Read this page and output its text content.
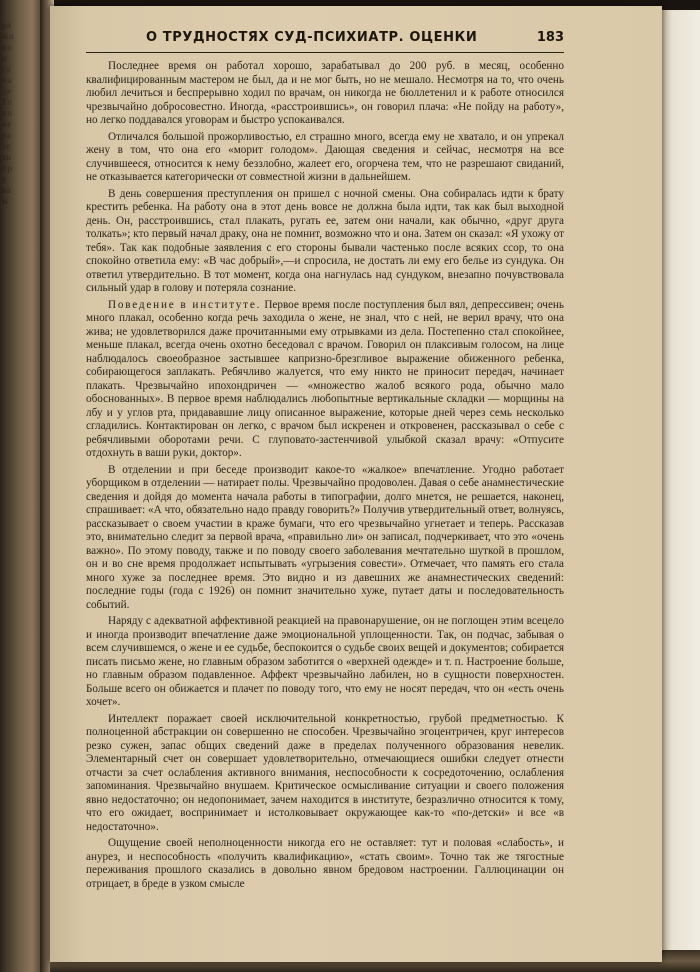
ра
жи
по
и
го
на
де
То
но
не
ра
те
зн
пр
у
ва
м
О ТРУДНОСТЯХ СУД-ПСИХИАТР. ОЦЕНКИ	183

Последнее время он работал хорошо, зарабатывал до 200 руб. в месяц, особенно квалифицированным мастером не был, да и не мог быть, но не мешало. Несмотря на то, что очень любил лечиться и беспрерывно ходил по врачам, он никогда не бюллетенил и к работе относился чрезвычайно добросовестно. Иногда, «расстроившись», он говорил плача: «Не пойду на работу», но легко поддавался уговорам и быстро успокаивался.

Отличался большой прожорливостью, ел страшно много, всегда ему не хватало, и он упрекал жену в том, что она его «морит голодом». Дающая сведения и сейчас, несмотря на все случившееся, относится к нему беззлобно, жалеет его, огорчена тем, что не разрешают свиданий, не отказывается категорически от совместной жизни в дальнейшем.

В день совершения преступления он пришел с ночной смены. Она собиралась идти к брату крестить ребенка. На работу она в этот день вовсе не должна была идти, так как был выходной день. Он, расстроившись, стал плакать, ругать ее, затем они начали, как обычно, «друг друга толкать»; кто первый начал драку, она не помнит, возможно что и она. Затем он сказал: «Я ухожу от тебя». Так как подобные заявления с его стороны бывали частенько после всяких ссор, то она спокойно ответила ему: «В час добрый»,—и спросила, не достать ли ему его белье из сундука. Он ответил утвердительно. В тот момент, когда она нагнулась над сундуком, внезапно почувствовала сильный удар в голову и потеряла сознание.

Поведение в институте. Первое время после поступления был вял, депрессивен; очень много плакал, особенно когда речь заходила о жене, не знал, что с ней, не верил врачу, что она жива; не удовлетворился даже прочитанными ему отрывками из дела. Постепенно стал спокойнее, меньше плакал, всегда очень охотно беседовал с врачом. Говорил он плаксивым голосом, на лице наблюдалось своеобразное застывшее капризно-брезгливое выражение обиженного ребенка, собирающегося заплакать. Ребячливо жалуется, что ему никто не приносит передач, начинает плакать. Чрезвычайно ипохондричен — «множество жалоб всякого рода, обычно мало обоснованных». В первое время наблюдались любопытные вертикальные складки — морщины на лбу и у углов рта, придававшие лицу описанное выражение, которые дней через семь несколько сгладились. Контактирован он легко, с врачом был искренен и откровенен, рассказывал о себе с ребячливыми оборотами речи. С глуповато-застенчивой улыбкой сказал врачу: «Отпусите отдохнуть в ваши руки, доктор».

В отделении и при беседе производит какое-то «жалкое» впечатление. Угодно работает уборщиком в отделении — натирает полы. Чрезвычайно продоволен. Давая о себе анамнестические сведения и дойдя до момента начала работы в типографии, долго мнется, не решается, наконец, спрашивает: «А что, обязательно надо правду говорить?» Получив утвердительный ответ, волнуясь, рассказывает о своем участии в краже бумаги, что его чрезвычайно угнетает и теперь. Рассказав это, внимательно следит за первой врача, «правильно ли» он записал, подчеркивает, что это «очень важно». По этому поводу, также и по поводу своего заболевания мечтательно шуткой в прошлом, он и во сне время продолжает испытывать «угрызения совести». Отмечает, что память его стала много хуже за последнее время. Это видно и из давешних же анамнестических сведений: последние годы (года с 1926) он помнит значительно хуже, путает даты и последовательность событий.

Наряду с адекватной аффективной реакцией на правонарушение, он не поглощен этим всецело и иногда производит впечатление даже эмоциональной уплощенности. Так, он подчас, забывая о всем случившемся, о жене и ее судьбе, беспокоится о судьбе своих вещей и документов; собирается писать письмо жене, но главным образом заботится о «верхней одежде» и т. п. Настроение больше, но главным образом подавленное. Аффект чрезвычайно лабилен, но в сущности поверхностен. Больше всего он обижается и плачет по поводу того, что ему не носят передач, что он «есть очень хочет».

Интеллект поражает своей исключительной конкретностью, грубой предметностью. К полноценной абстракции он совершенно не способен. Чрезвычайно эгоцентричен, круг интересов резко сужен, запас общих сведений даже в пределах полученного образования невелик. Элементарный счет он совершает удовлетворительно, отмечающиеся ошибки следует отнести отчасти за счет ослабления активного внимания, неспособности к сосредоточению, ослабления запоминания. Чрезвычайно внушаем. Критическое осмысливание ситуации и своего положения явно недостаточно; он недопонимает, зачем находится в институте, безразлично относится к тому, что его ожидает, воспринимает и истолковывает окружающее как-то «по-детски» и все «в недостаточно».

Ощущение своей неполноценности никогда его не оставляет: тут и половая «слабость», и анурез, и неспособность «получить квалификацию», «стать своим». Точно так же тягостные переживания прошлого сказались в довольно явном бредовом настроении. Галлюцинации он отрицает, в бреде в узком смысле
